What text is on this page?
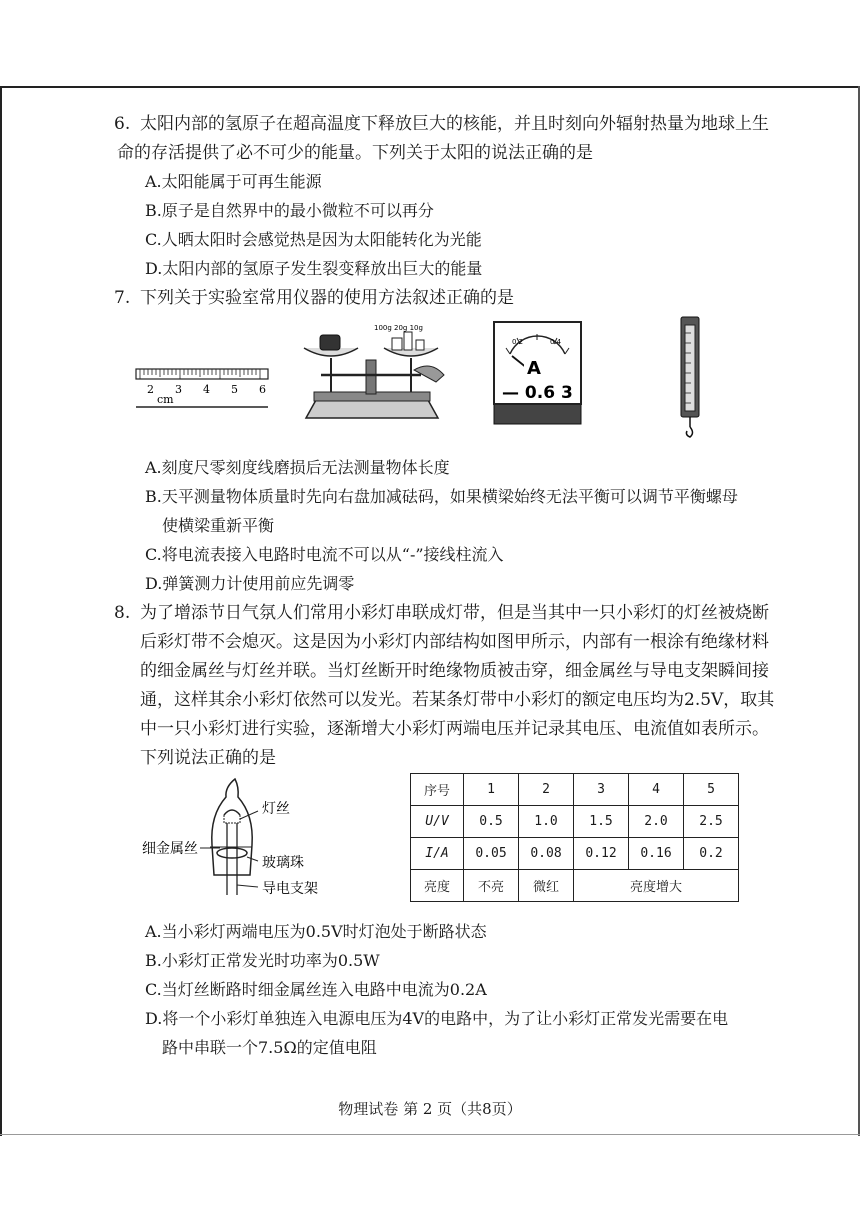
6. 太阳内部的氢原子在超高温度下释放巨大的核能，并且时刻向外辐射热量为地球上生
命的存活提供了必不可少的能量。下列关于太阳的说法正确的是
A.太阳能属于可再生能源
B.原子是自然界中的最小微粒不可以再分
C.人晒太阳时会感觉热是因为太阳能转化为光能
D.太阳内部的氢原子发生裂变释放出巨大的能量
7. 下列关于实验室常用仪器的使用方法叙述正确的是
2 3 4 5 6
cm
100g 20g 10g
0.2	0.4
A
— 0.6 3
A.刻度尺零刻度线磨损后无法测量物体长度
B.天平测量物体质量时先向右盘加减砝码，如果横梁始终无法平衡可以调节平衡螺母
使横梁重新平衡
C.将电流表接入电路时电流不可以从“-”接线柱流入
D.弹簧测力计使用前应先调零
8. 为了增添节日气氛人们常用小彩灯串联成灯带，但是当其中一只小彩灯的灯丝被烧断
后彩灯带不会熄灭。这是因为小彩灯内部结构如图甲所示，内部有一根涂有绝缘材料
的细金属丝与灯丝并联。当灯丝断开时绝缘物质被击穿，细金属丝与导电支架瞬间接
通，这样其余小彩灯依然可以发光。若某条灯带中小彩灯的额定电压均为2.5V，取其
中一只小彩灯进行实验，逐渐增大小彩灯两端电压并记录其电压、电流值如表所示。
下列说法正确的是
灯丝
细金属丝
玻璃珠
导电支架
序号	1	2	3	4	5
U/V	0.5	1.0	1.5	2.0	2.5
I/A	0.05	0.08	0.12	0.16	0.2
亮度	不亮	微红	亮度增大		
A.当小彩灯两端电压为0.5V时灯泡处于断路状态
B.小彩灯正常发光时功率为0.5W
C.当灯丝断路时细金属丝连入电路中电流为0.2A
D.将一个小彩灯单独连入电源电压为4V的电路中，为了让小彩灯正常发光需要在电
路中串联一个7.5Ω的定值电阻
物理试卷 第 2 页（共8页）
